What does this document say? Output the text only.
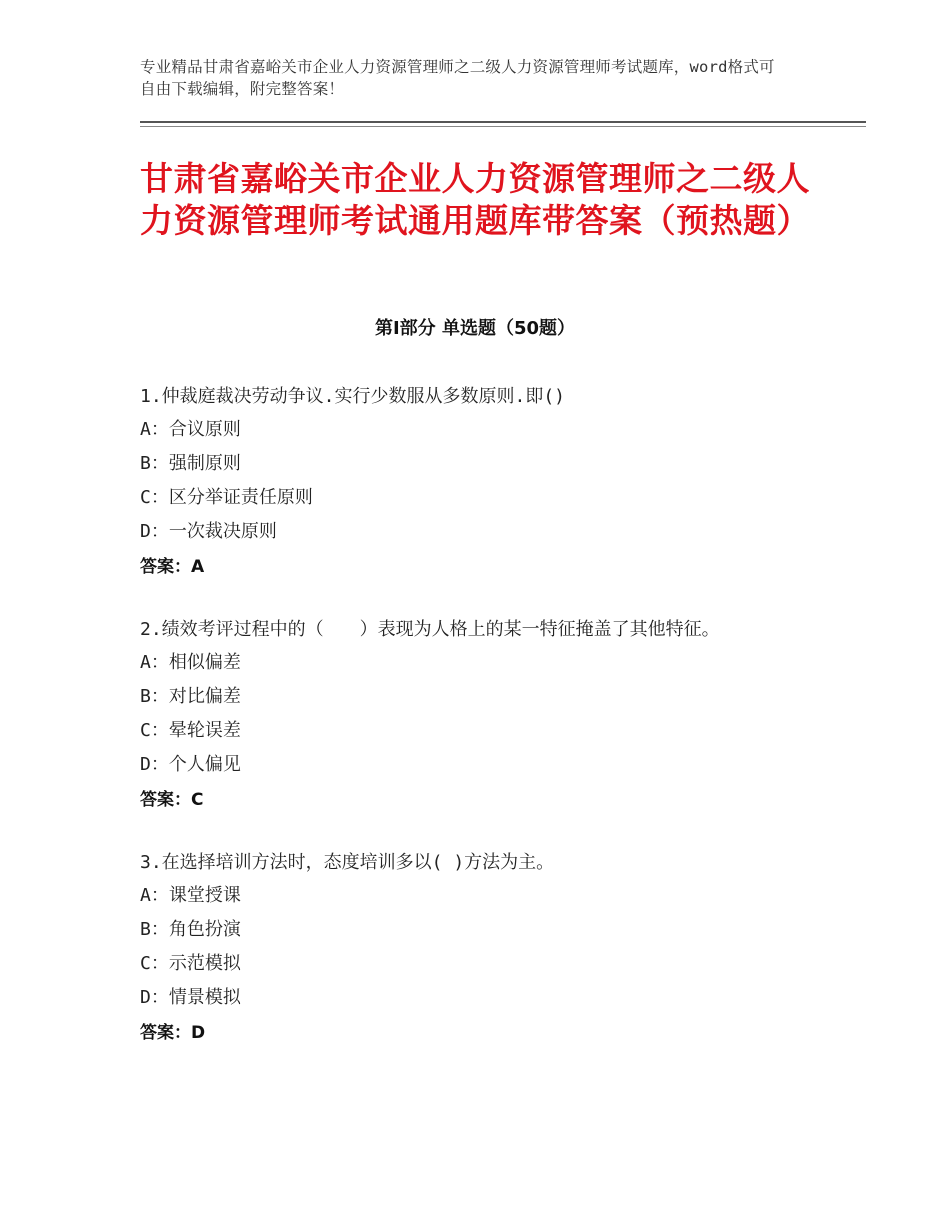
专业精品甘肃省嘉峪关市企业人力资源管理师之二级人力资源管理师考试题库，word格式可自由下载编辑，附完整答案！
甘肃省嘉峪关市企业人力资源管理师之二级人力资源管理师考试通用题库带答案（预热题）
第Ⅰ部分 单选题（50题）
1.仲裁庭裁决劳动争议.实行少数服从多数原则.即()
A：合议原则
B：强制原则
C：区分举证责任原则
D：一次裁决原则
答案：A
2.绩效考评过程中的（　　）表现为人格上的某一特征掩盖了其他特征。
A：相似偏差
B：对比偏差
C：晕轮误差
D：个人偏见
答案：C
3.在选择培训方法时，态度培训多以( )方法为主。
A：课堂授课
B：角色扮演
C：示范模拟
D：情景模拟
答案：D
